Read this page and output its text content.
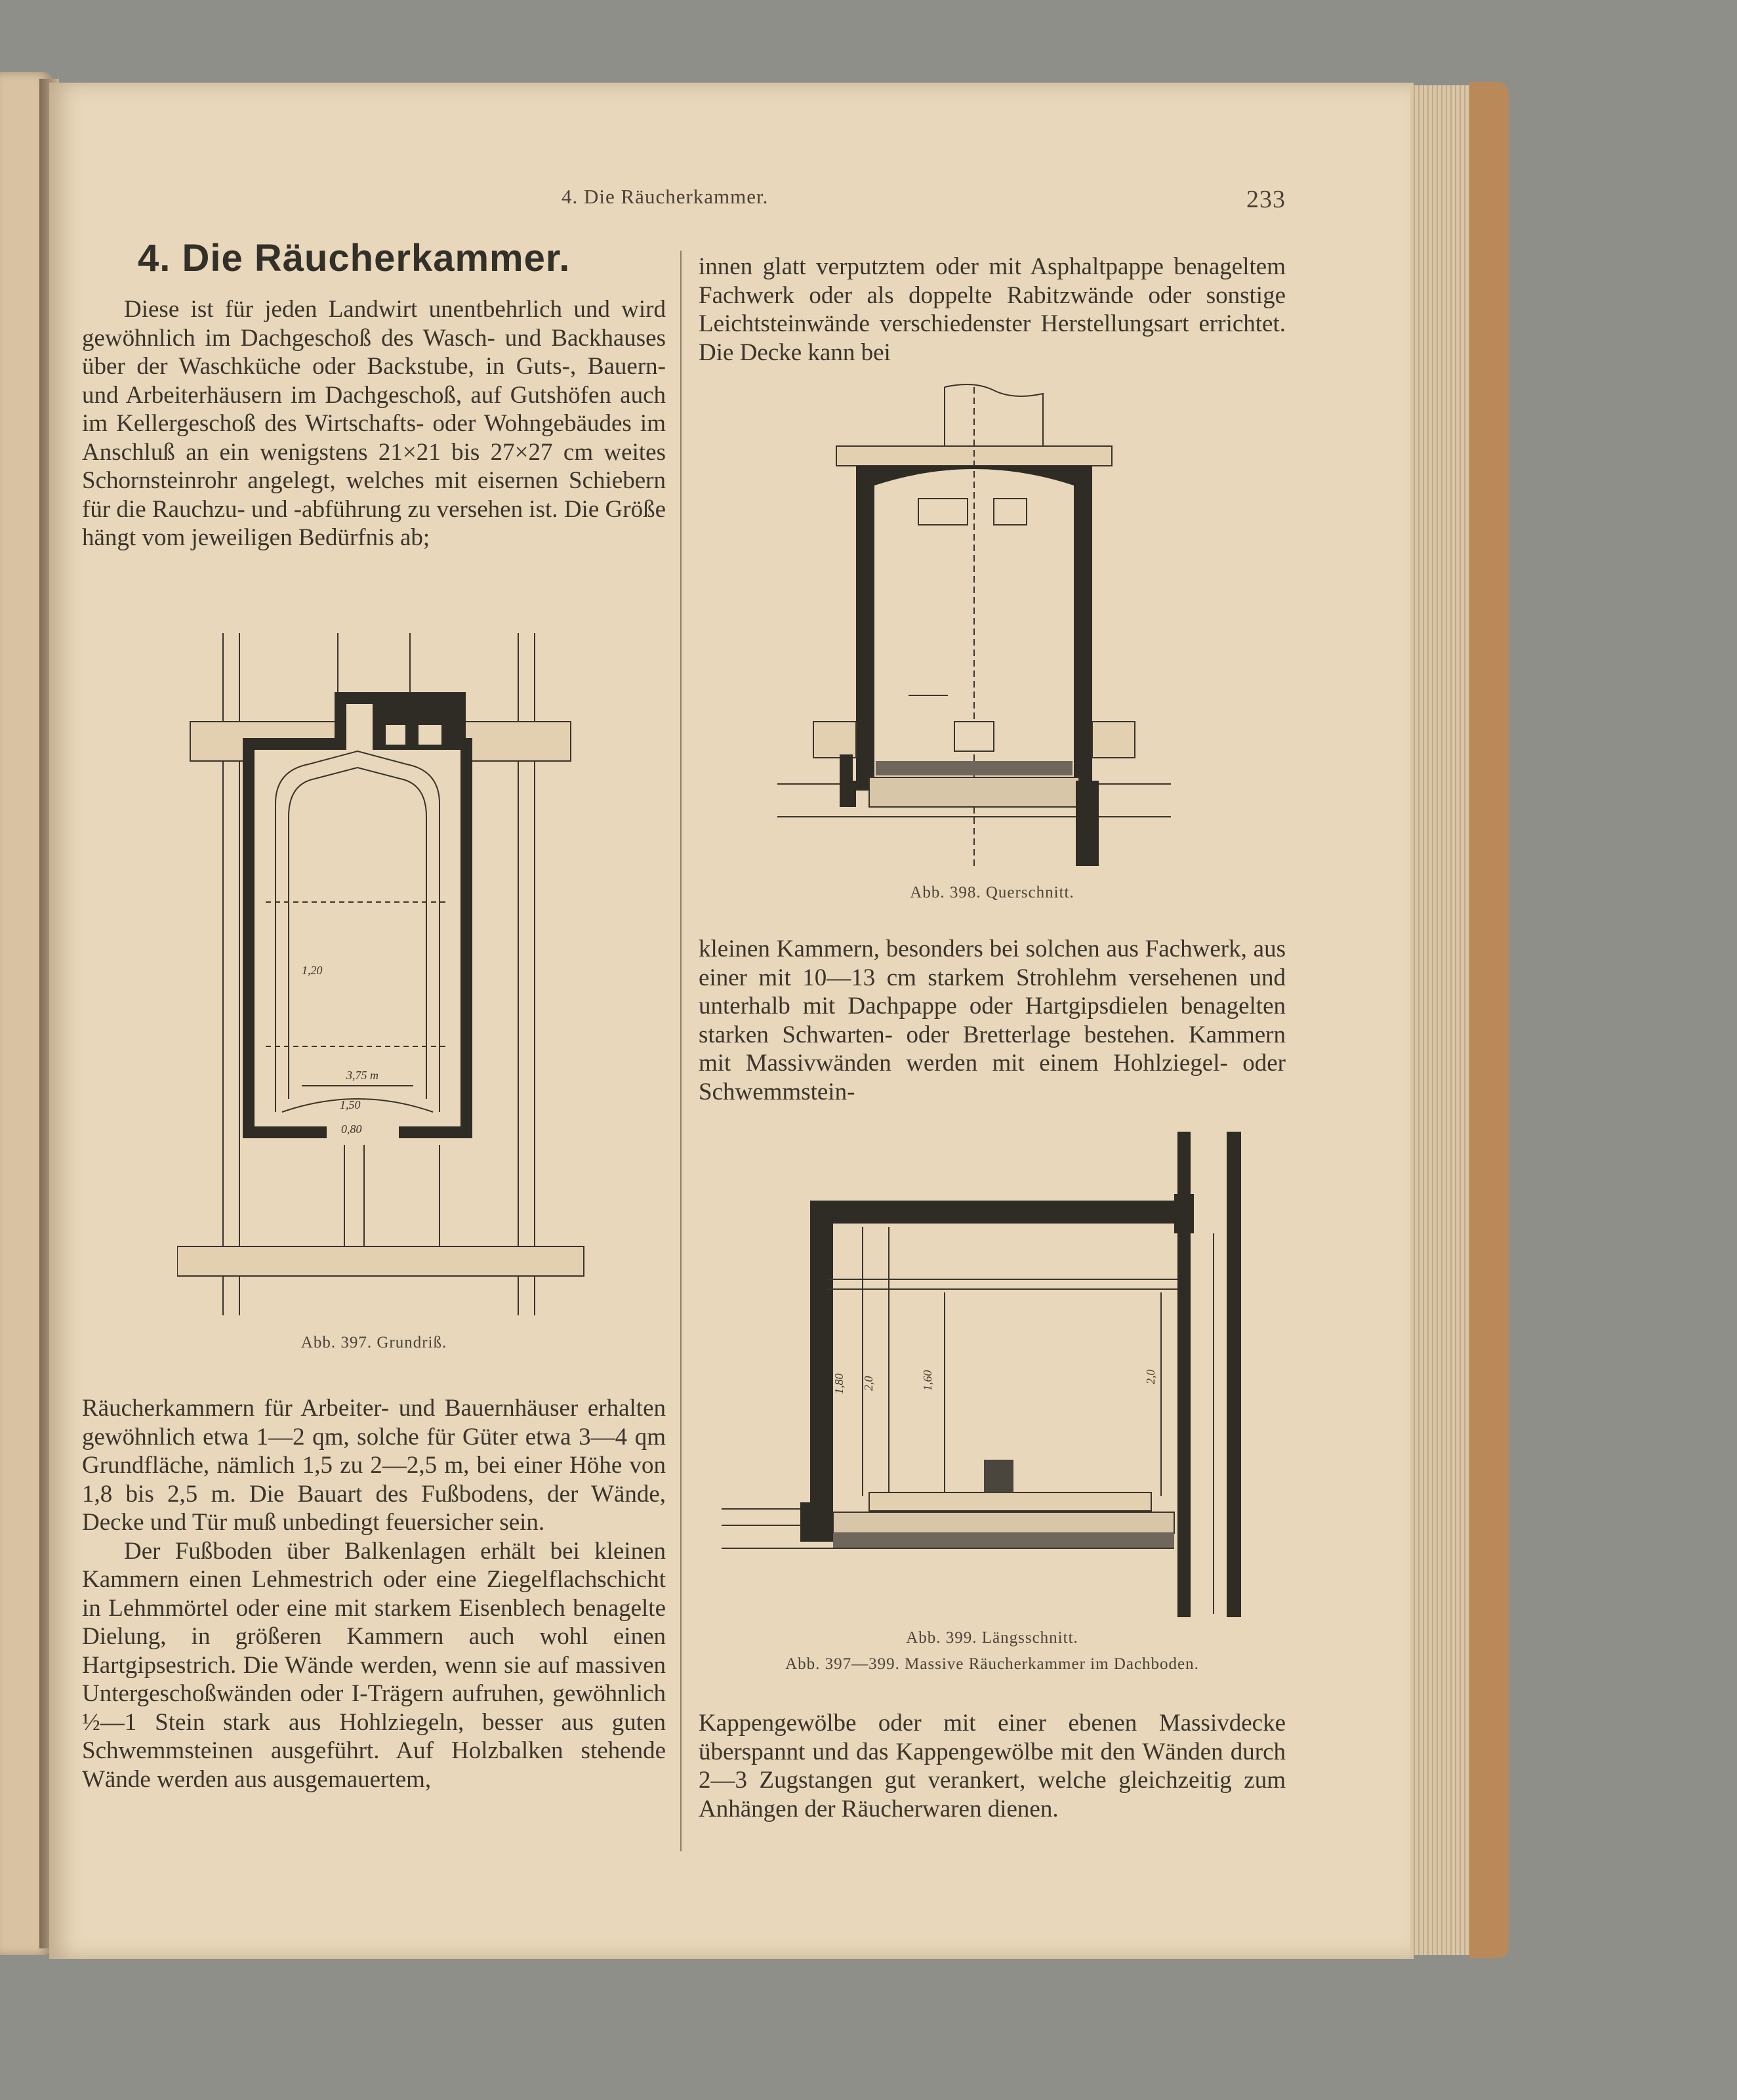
4. Die Räucherkammer.	233
4. Die Räucherkammer.

Diese ist für jeden Landwirt unentbehrlich und wird gewöhnlich im Dachgeschoß des Wasch- und Backhauses über der Waschküche oder Backstube, in Guts-, Bauern- und Arbeiterhäusern im Dachgeschoß, auf Gutshöfen auch im Kellergeschoß des Wirtschafts- oder Wohngebäudes im Anschluß an ein wenigstens 21×21 bis 27×27 cm weites Schornsteinrohr angelegt, welches mit eisernen Schiebern für die Rauchzu- und -abführung zu versehen ist. Die Größe hängt vom jeweiligen Bedürfnis ab;

3,75 m
1,50
0,80
1,20
Abb. 397. Grundriß.

Räucherkammern für Arbeiter- und Bauernhäuser erhalten gewöhnlich etwa 1—2 qm, solche für Güter etwa 3—4 qm Grundfläche, nämlich 1,5 zu 2—2,5 m, bei einer Höhe von 1,8 bis 2,5 m. Die Bauart des Fußbodens, der Wände, Decke und Tür muß unbedingt feuersicher sein.

Der Fußboden über Balkenlagen erhält bei kleinen Kammern einen Lehmestrich oder eine Ziegelflachschicht in Lehmmörtel oder eine mit starkem Eisenblech benagelte Dielung, in größeren Kammern auch wohl einen Hartgipsestrich. Die Wände werden, wenn sie auf massiven Untergeschoßwänden oder I-Trägern aufruhen, gewöhnlich ½—1 Stein stark aus Hohlziegeln, besser aus guten Schwemmsteinen ausgeführt. Auf Holzbalken stehende Wände werden aus ausgemauertem,

innen glatt verputztem oder mit Asphaltpappe benageltem Fachwerk oder als doppelte Rabitzwände oder sonstige Leichtsteinwände verschiedenster Herstellungsart errichtet. Die Decke kann bei

Abb. 398. Querschnitt.

kleinen Kammern, besonders bei solchen aus Fachwerk, aus einer mit 10—13 cm starkem Strohlehm versehenen und unterhalb mit Dachpappe oder Hartgipsdielen benagelten starken Schwarten- oder Bretterlage bestehen. Kammern mit Massivwänden werden mit einem Hohlziegel- oder Schwemmstein-

1,80 2,0	1,60	2,0
Abb. 399. Längsschnitt.
Abb. 397—399. Massive Räucherkammer im Dachboden.

Kappengewölbe oder mit einer ebenen Massivdecke überspannt und das Kappengewölbe mit den Wänden durch 2—3 Zugstangen gut verankert, welche gleichzeitig zum Anhängen der Räucherwaren dienen.
